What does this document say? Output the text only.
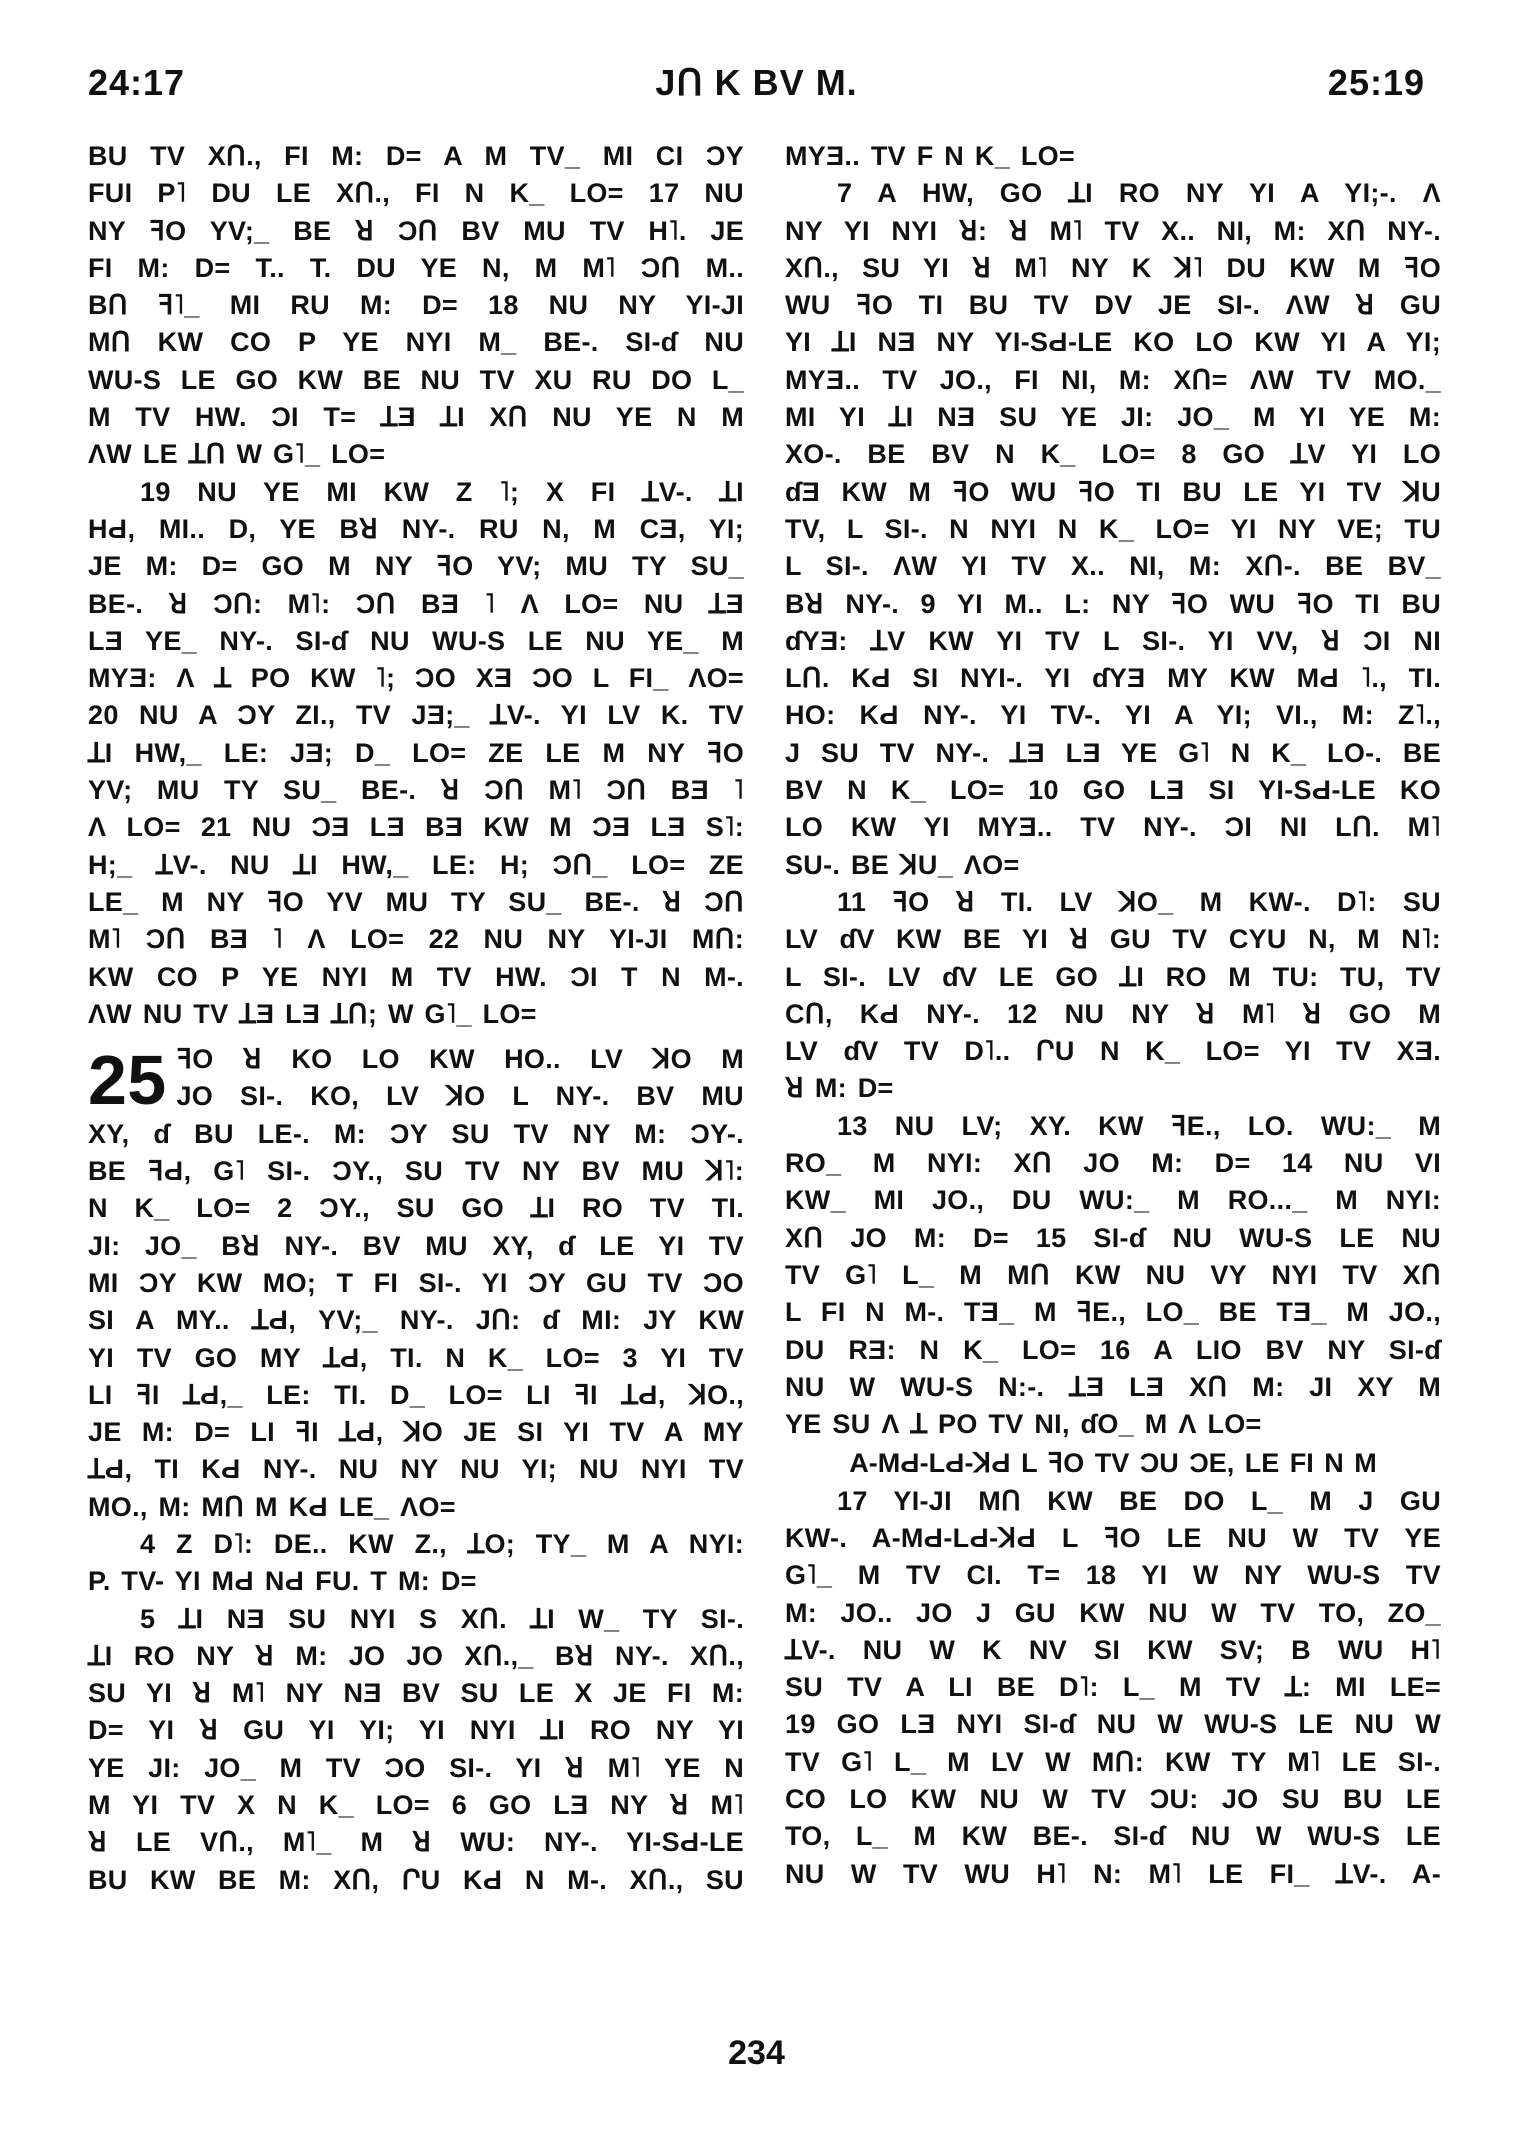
24:17	JՈ K BV M.	25:19

BU TV XՈ., FI M: D= A M TV_ MI CI ƆY

FUI P˥ DU LE XՈ., FI N K_ LO= 17 NU

NY ꟻO YV;_ BE ꓤ ƆՈ BV MU TV H˥. JE

FI M: D= T.. T. DU YE N, M M˥ ƆՈ M..

BՈ ꟻ˥_ MI RU M: D= 18 NU NY YI-JI

MՈ KW CO P YE NYI M_ BE-. SI-ɗ NU

WU-S LE GO KW BE NU TV XU RU DO L_

M TV HW. ƆI T= ꓕƎ ꓕI XՈ NU YE N M

ɅW LE ꓕՈ W G˥_ LO=

19 NU YE MI KW Z ˥; X FI ꓕV-. ꓕI

HԀ, MI.. D, YE Bꓤ NY-. RU N, M CƎ, YI;

JE M: D= GO M NY ꟻO YV; MU TY SU_

BE-. ꓤ ƆՈ: M˥: ƆՈ BƎ ˥ Ʌ LO= NU ꓕƎ

LƎ YE_ NY-. SI-ɗ NU WU-S LE NU YE_ M

MYƎ: Ʌ ꓕ PO KW ˥; ƆO XƎ ƆO L FI_ ɅO=

20 NU A ƆY ZI., TV JƎ;_ ꓕV-. YI LV K. TV

ꓕI HW,_ LE: JƎ; D_ LO= ZE LE M NY ꟻO

YV; MU TY SU_ BE-. ꓤ ƆՈ M˥ ƆՈ BƎ ˥

Ʌ LO= 21 NU ƆƎ LƎ BƎ KW M ƆƎ LƎ S˥:

H;_ ꓕV-. NU ꓕI HW,_ LE: H; ƆՈ_ LO= ZE

LE_ M NY ꟻO YV MU TY SU_ BE-. ꓤ ƆՈ

M˥ ƆՈ BƎ ˥ Ʌ LO= 22 NU NY YI-JI MՈ:

KW CO P YE NYI M TV HW. ƆI T N M-.

ɅW NU TV ꓕƎ LƎ ꓕՈ; W G˥_ LO=

25 ꟻO ꓤ KO LO KW HO.. LV ꓘO M

JO SI-. KO, LV ꓘO L NY-. BV MU

XY, ɗ BU LE-. M: ƆY SU TV NY M: ƆY-.

BE ꟻԀ, G˥ SI-. ƆY., SU TV NY BV MU ꓘ˥:

N K_ LO= 2 ƆY., SU GO ꓕI RO TV TI.

JI: JO_ Bꓤ NY-. BV MU XY, ɗ LE YI TV

MI ƆY KW MO; T FI SI-. YI ƆY GU TV ƆO

SI A MY.. ꓕԀ, YV;_ NY-. JՈ: ɗ MI: JY KW

YI TV GO MY ꓕԀ, TI. N K_ LO= 3 YI TV

LI ꟻI ꓕԀ,_ LE: TI. D_ LO= LI ꟻI ꓕԀ, ꓘO.,

JE M: D= LI ꟻI ꓕԀ, ꓘO JE SI YI TV A MY

ꓕԀ, TI KԀ NY-. NU NY NU YI; NU NYI TV

MO., M: MՈ M KԀ LE_ ɅO=

4 Z D˥: DE.. KW Z., ꓕO; TY_ M A NYI:

P. TV- YI MԀ NԀ FU. T M: D=

5 ꓕI NƎ SU NYI S XՈ. ꓕI W_ TY SI-.

ꓕI RO NY ꓤ M: JO JO XՈ.,_ Bꓤ NY-. XՈ.,

SU YI ꓤ M˥ NY NƎ BV SU LE X JE FI M:

D= YI ꓤ GU YI YI; YI NYI ꓕI RO NY YI

YE JI: JO_ M TV ƆO SI-. YI ꓤ M˥ YE N

M YI TV X N K_ LO= 6 GO LƎ NY ꓤ M˥

ꓤ LE VՈ., M˥_ M ꓤ WU: NY-. YI-SԀ-LE

BU KW BE M: XՈ, ՐU KԀ N M-. XՈ., SU

MYƎ.. TV F N K_ LO=

7 A HW, GO ꓕI RO NY YI A YI;-. Ʌ

NY YI NYI ꓤ: ꓤ M˥ TV X.. NI, M: XՈ NY-.

XՈ., SU YI ꓤ M˥ NY K ꓘ˥ DU KW M ꟻO

WU ꟻO TI BU TV DV JE SI-. ɅW ꓤ GU

YI ꓕI NƎ NY YI-SԀ-LE KO LO KW YI A YI;

MYƎ.. TV JO., FI NI, M: XՈ= ɅW TV MO._

MI YI ꓕI NƎ SU YE JI: JO_ M YI YE M:

XO-. BE BV N K_ LO= 8 GO ꓕV YI LO

ɗƎ KW M ꟻO WU ꟻO TI BU LE YI TV ꓘU

TV, L SI-. N NYI N K_ LO= YI NY VE; TU

L SI-. ɅW YI TV X.. NI, M: XՈ-. BE BV_

Bꓤ NY-. 9 YI M.. L: NY ꟻO WU ꟻO TI BU

ɗYƎ: ꓕV KW YI TV L SI-. YI VV, ꓤ ƆI NI

LՈ. KԀ SI NYI-. YI ɗYƎ MY KW MԀ ˥., TI.

HO: KԀ NY-. YI TV-. YI A YI; VI., M: Z˥.,

J SU TV NY-. ꓕƎ LƎ YE G˥ N K_ LO-. BE

BV N K_ LO= 10 GO LƎ SI YI-SԀ-LE KO

LO KW YI MYƎ.. TV NY-. ƆI NI LՈ. M˥

SU-. BE ꓘU_ ɅO=

11 ꟻO ꓤ TI. LV ꓘO_ M KW-. D˥: SU

LV ɗV KW BE YI ꓤ GU TV CYU N, M N˥:

L SI-. LV ɗV LE GO ꓕI RO M TU: TU, TV

CՈ, KԀ NY-. 12 NU NY ꓤ M˥ ꓤ GO M

LV ɗV TV D˥.. ՐU N K_ LO= YI TV XƎ.

ꓤ M: D=

13 NU LV; XY. KW ꟻE., LO. WU:_ M

RO_ M NYI: XՈ JO M: D= 14 NU VI

KW_ MI JO., DU WU:_ M RO..._ M NYI:

XՈ JO M: D= 15 SI-ɗ NU WU-S LE NU

TV G˥ L_ M MՈ KW NU VY NYI TV XՈ

L FI N M-. TƎ_ M ꟻE., LO_ BE TƎ_ M JO.,

DU RƎ: N K_ LO= 16 A LIO BV NY SI-ɗ

NU W WU-S N:-. ꓕƎ LƎ XՈ M: JI XY M

YE SU Ʌ ꓕ PO TV NI, ɗO_ M Ʌ LO=

A-MԀ-LԀ-ꓘԀ L ꟻO TV ƆU ƆE, LE FI N M

17 YI-JI MՈ KW BE DO L_ M J GU

KW-. A-MԀ-LԀ-ꓘԀ L ꟻO LE NU W TV YE

G˥_ M TV CI. T= 18 YI W NY WU-S TV

M: JO.. JO J GU KW NU W TV TO, ZO_

ꓕV-. NU W K NV SI KW SV; B WU H˥

SU TV A LI BE D˥: L_ M TV ꓕ: MI LE=

19 GO LƎ NYI SI-ɗ NU W WU-S LE NU W

TV G˥ L_ M LV W MՈ: KW TY M˥ LE SI-.

CO LO KW NU W TV ƆU: JO SU BU LE

TO, L_ M KW BE-. SI-ɗ NU W WU-S LE

NU W TV WU H˥ N: M˥ LE FI_ ꓕV-. A-

234
